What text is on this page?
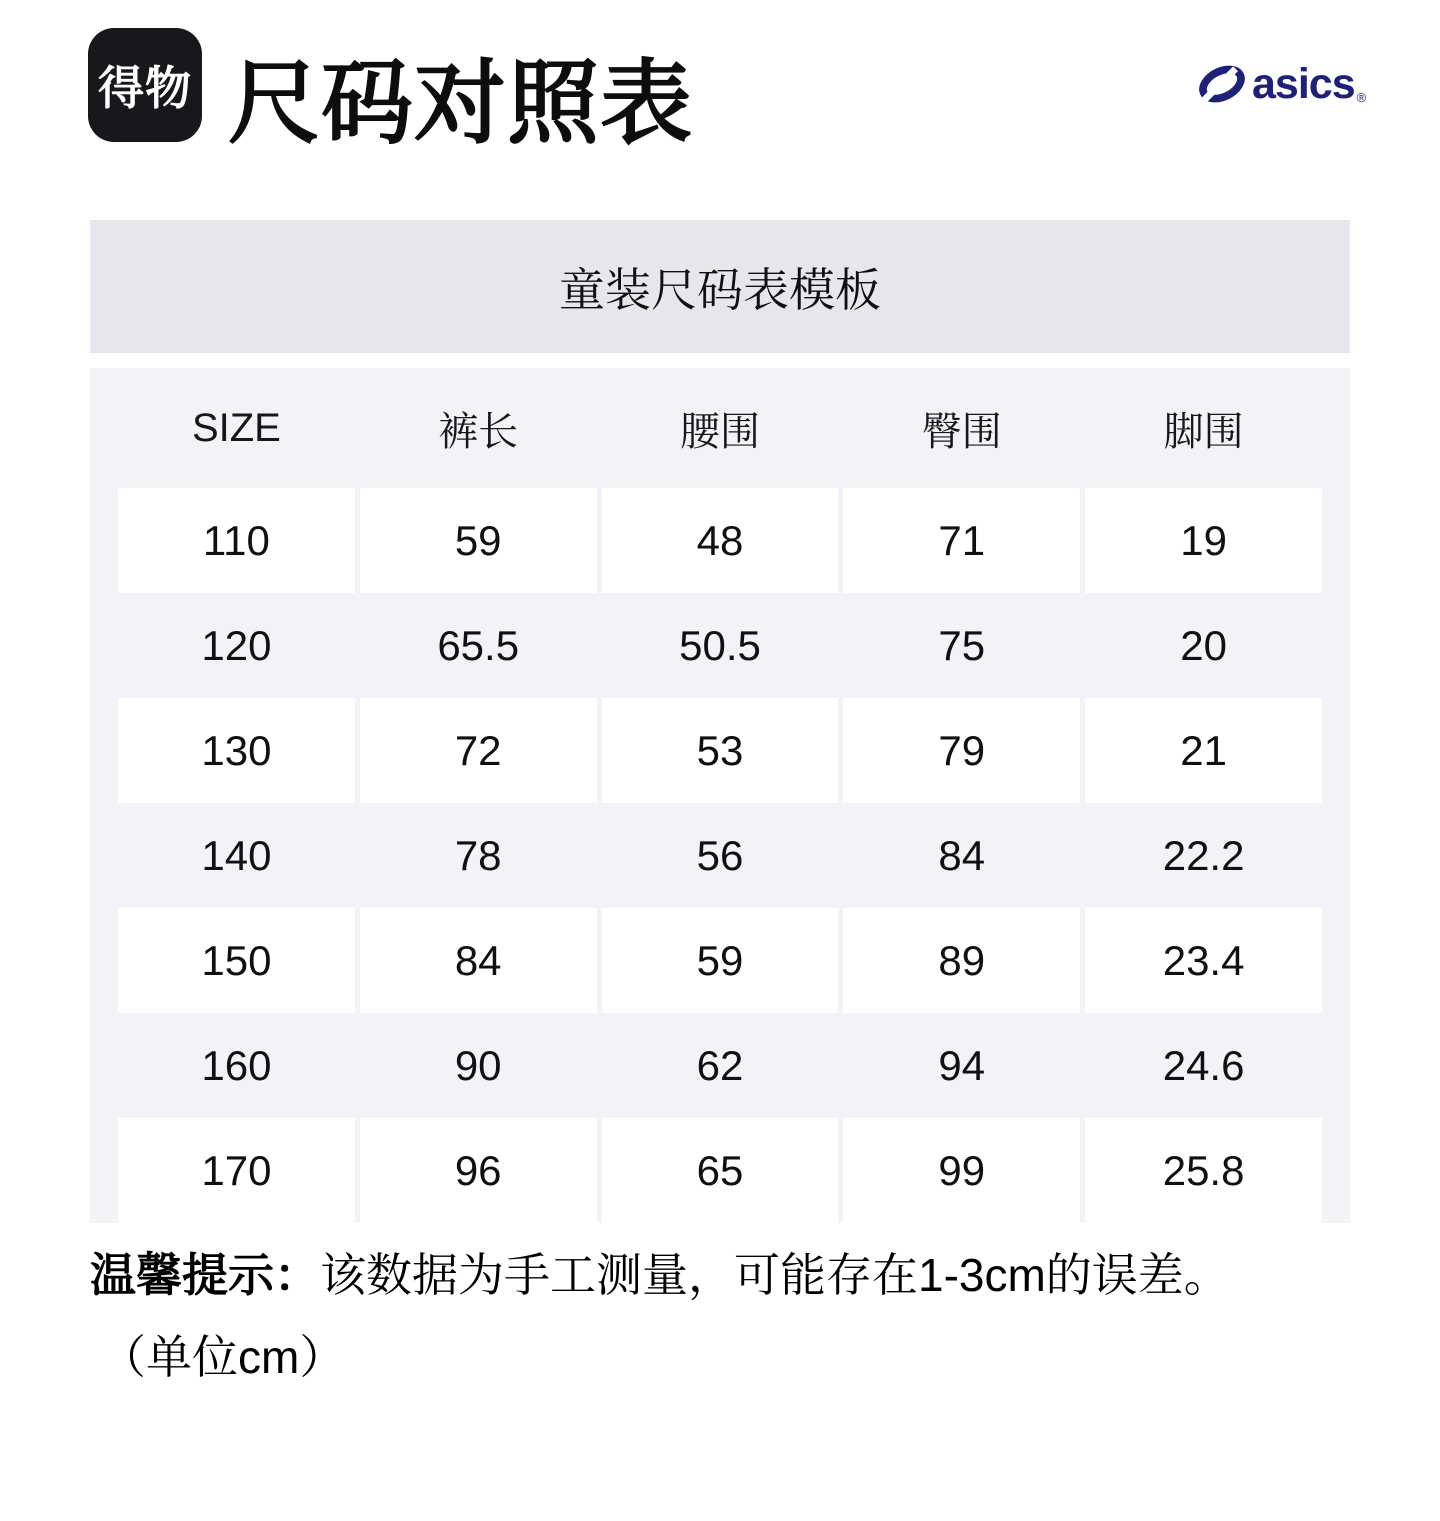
得物 尺码对照表	asics ®
童装尺码表模板
SIZE	裤长	腰围	臀围	脚围
110	59	48	71	19
120	65.5	50.5	75	20
130	72	53	79	21
140	78	56	84	22.2
150	84	59	89	23.4
160	90	62	94	24.6
170	96	65	99	25.8
温馨提示：该数据为手工测量，可能存在1-3cm的误差。
（单位cm）
